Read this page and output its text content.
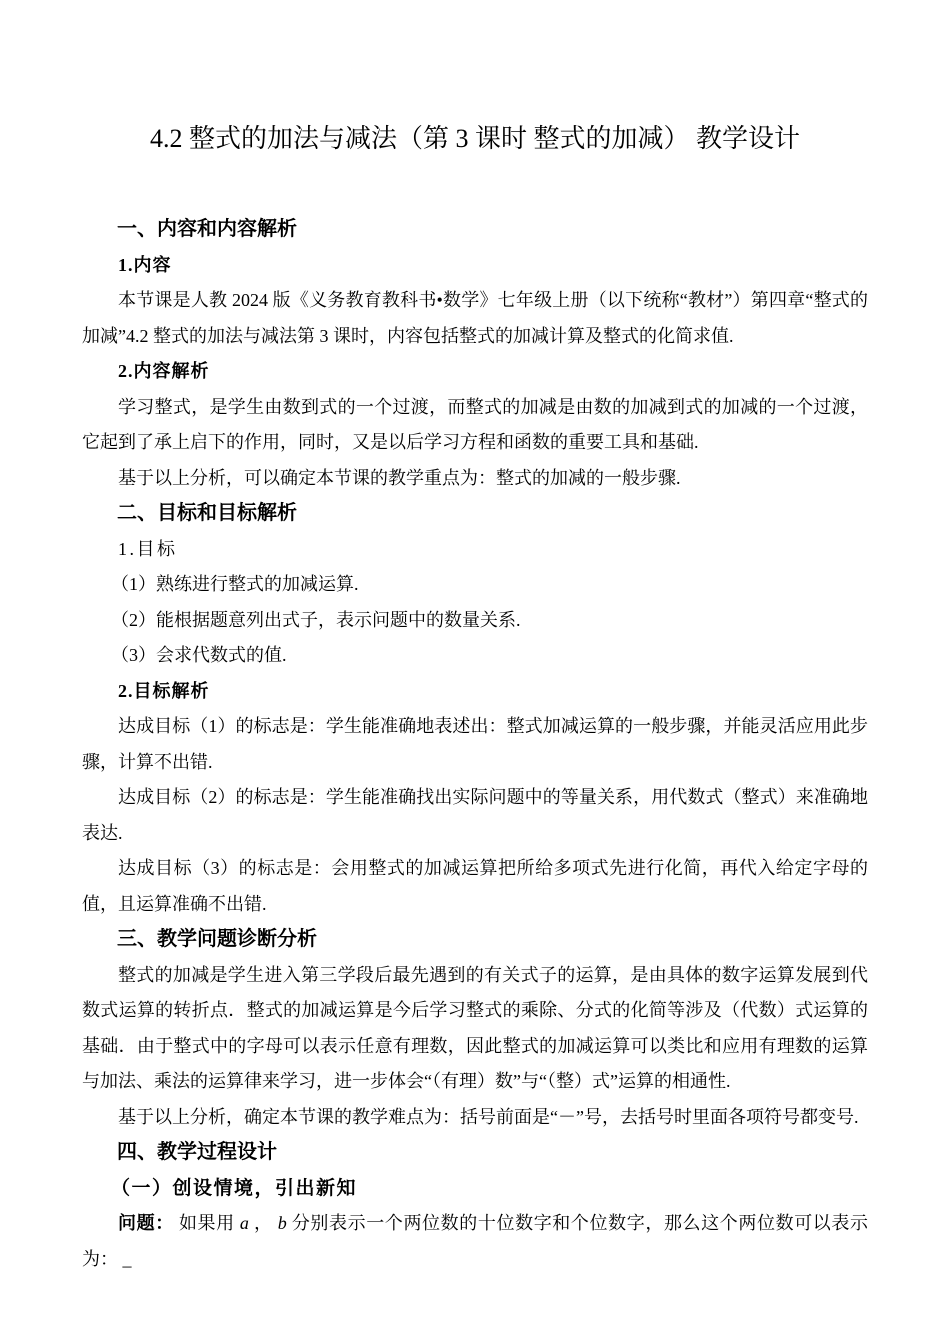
4.2 整式的加法与减法（第 3 课时 整式的加减） 教学设计
一、内容和内容解析
1.内容

本节课是人教 2024 版《义务教育教科书•数学》七年级上册（以下统称“教材”）第四章“整式的加减”4.2 整式的加法与减法第 3 课时，内容包括整式的加减计算及整式的化简求值.

2.内容解析

学习整式，是学生由数到式的一个过渡，而整式的加减是由数的加减到式的加减的一个过渡，它起到了承上启下的作用，同时，又是以后学习方程和函数的重要工具和基础.

基于以上分析，可以确定本节课的教学重点为：整式的加减的一般步骤.

二、目标和目标解析
1.目标

（1）熟练进行整式的加减运算.

（2）能根据题意列出式子，表示问题中的数量关系.

（3）会求代数式的值.

2.目标解析

达成目标（1）的标志是：学生能准确地表述出：整式加减运算的一般步骤，并能灵活应用此步骤，计算不出错.

达成目标（2）的标志是：学生能准确找出实际问题中的等量关系，用代数式（整式）来准确地表达.

达成目标（3）的标志是：会用整式的加减运算把所给多项式先进行化简，再代入给定字母的值，且运算准确不出错.

三、教学问题诊断分析

整式的加减是学生进入第三学段后最先遇到的有关式子的运算，是由具体的数字运算发展到代数式运算的转折点．整式的加减运算是今后学习整式的乘除、分式的化简等涉及（代数）式运算的基础．由于整式中的字母可以表示任意有理数，因此整式的加减运算可以类比和应用有理数的运算与加法、乘法的运算律来学习，进一步体会“（有理）数”与“（整）式”运算的相通性.

基于以上分析，确定本节课的教学难点为：括号前面是“－”号，去括号时里面各项符号都变号.

四、教学过程设计
（一）创设情境，引出新知

问题： 如果用 a ， b 分别表示一个两位数的十位数字和个位数字，那么这个两位数可以表示为： _
